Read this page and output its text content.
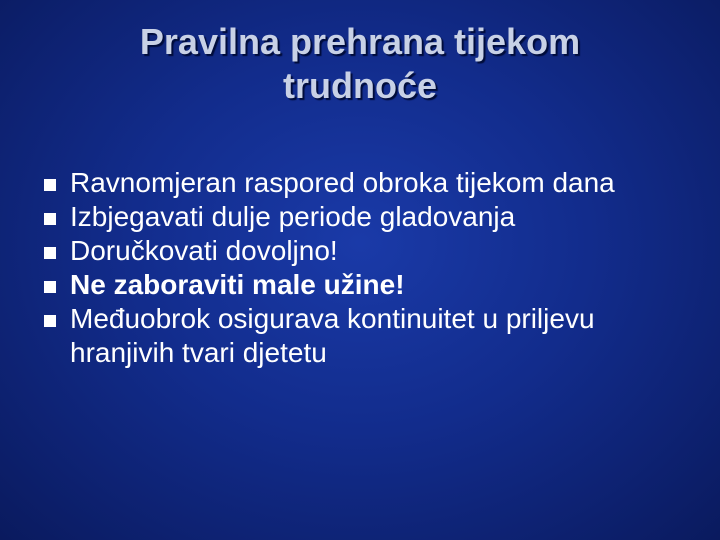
Pravilna prehrana tijekom
trudnoće
Ravnomjeran raspored obroka tijekom dana
Izbjegavati dulje periode gladovanja
Doručkovati dovoljno!
Ne zaboraviti male užine!
Međuobrok osigurava kontinuitet u priljevu hranjivih tvari djetetu
